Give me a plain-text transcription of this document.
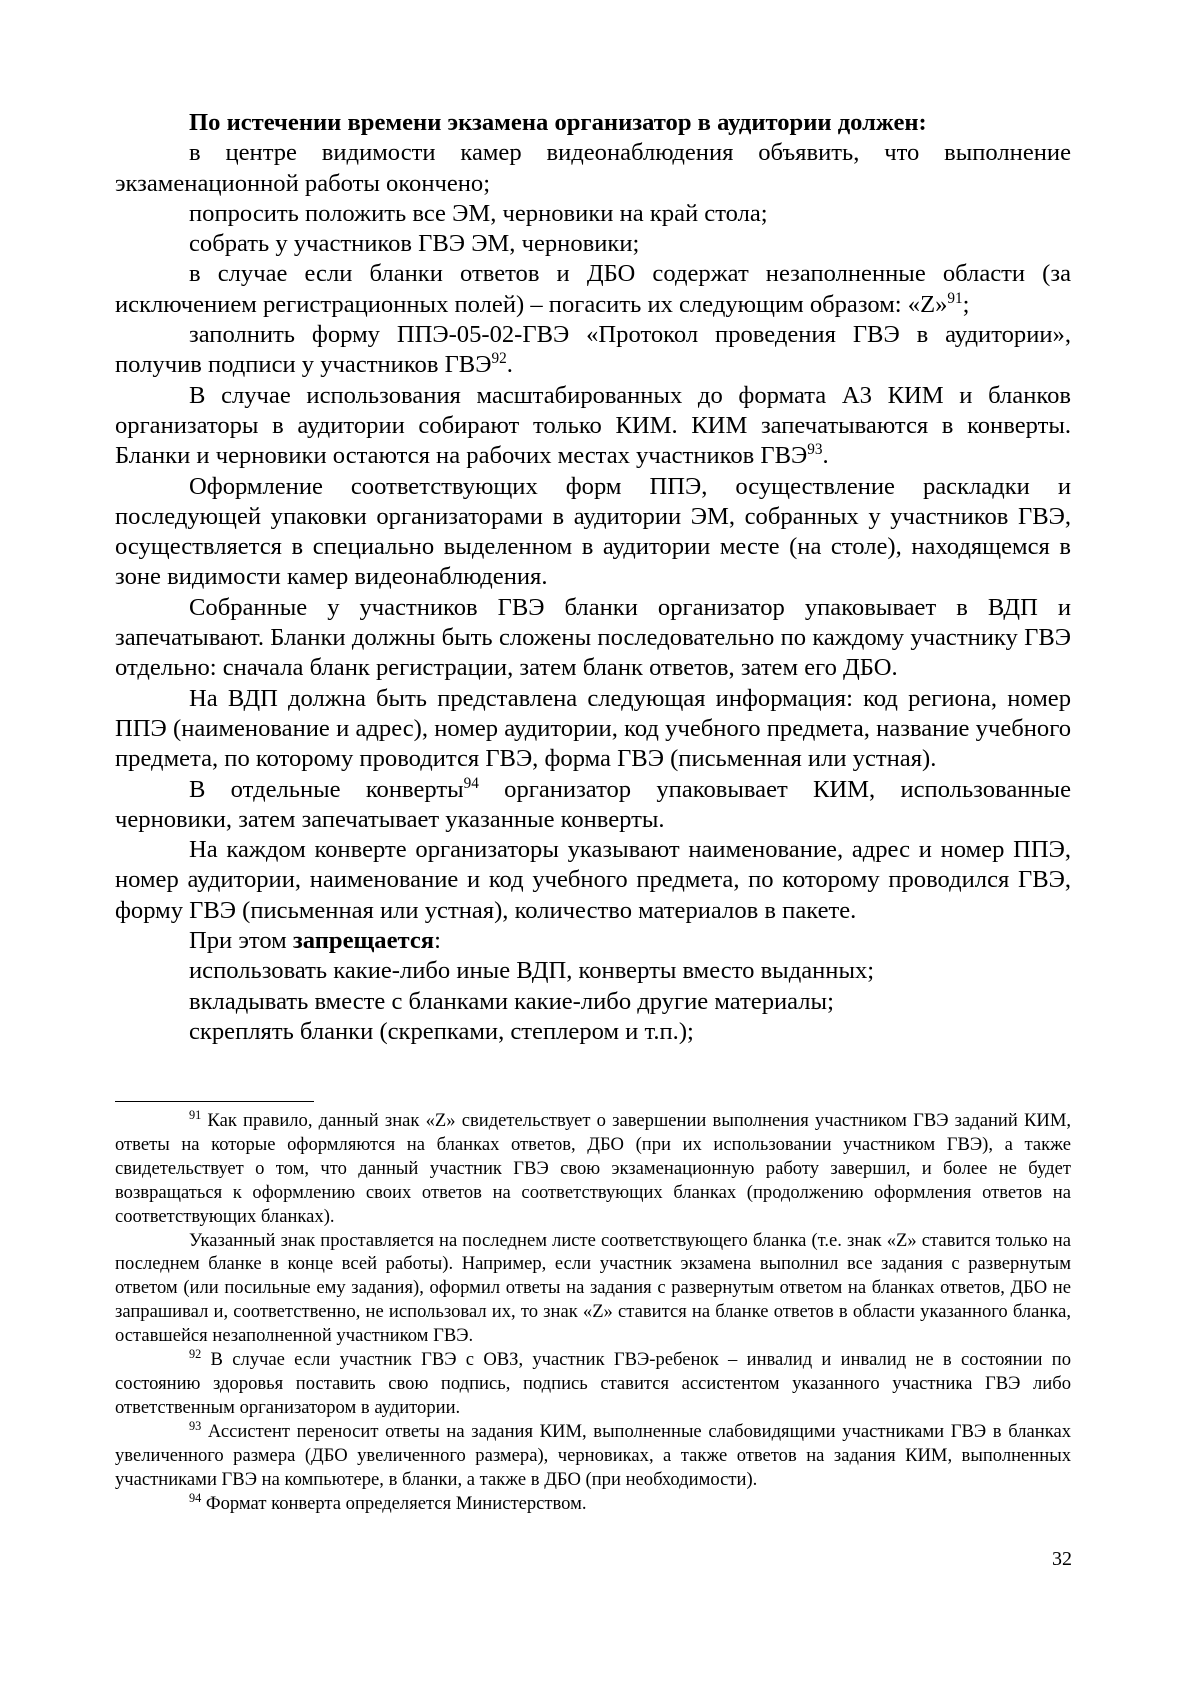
По истечении времени экзамена организатор в аудитории должен:

в центре видимости камер видеонаблюдения объявить, что выполнение экзаменационной работы окончено;

попросить положить все ЭМ, черновики на край стола;

собрать у участников ГВЭ ЭМ, черновики;

в случае если бланки ответов и ДБО содержат незаполненные области (за исключением регистрационных полей) – погасить их следующим образом: «Z»$^{91}$;

заполнить форму ППЭ-05-02-ГВЭ «Протокол проведения ГВЭ в аудитории», получив подписи у участников ГВЭ$^{92}$.

В случае использования масштабированных до формата А3 КИМ и бланков организаторы в аудитории собирают только КИМ. КИМ запечатываются в конверты. Бланки и черновики остаются на рабочих местах участников ГВЭ$^{93}$.

Оформление соответствующих форм ППЭ, осуществление раскладки и последующей упаковки организаторами в аудитории ЭМ, собранных у участников ГВЭ, осуществляется в специально выделенном в аудитории месте (на столе), находящемся в зоне видимости камер видеонаблюдения.

Собранные у участников ГВЭ бланки организатор упаковывает в ВДП и запечатывают. Бланки должны быть сложены последовательно по каждому участнику ГВЭ отдельно: сначала бланк регистрации, затем бланк ответов, затем его ДБО.

На ВДП должна быть представлена следующая информация: код региона, номер ППЭ (наименование и адрес), номер аудитории, код учебного предмета, название учебного предмета, по которому проводится ГВЭ, форма ГВЭ (письменная или устная).

В отдельные конверты$^{94}$ организатор упаковывает КИМ, использованные черновики, затем запечатывает указанные конверты.

На каждом конверте организаторы указывают наименование, адрес и номер ППЭ, номер аудитории, наименование и код учебного предмета, по которому проводился ГВЭ, форму ГВЭ (письменная или устная), количество материалов в пакете.

При этом запрещается:

использовать какие-либо иные ВДП, конверты вместо выданных;

вкладывать вместе с бланками какие-либо другие материалы;

скреплять бланки (скрепками, степлером и т.п.);

$^{91}$ Как правило, данный знак «Z» свидетельствует о завершении выполнения участником ГВЭ заданий КИМ, ответы на которые оформляются на бланках ответов, ДБО (при их использовании участником ГВЭ), а также свидетельствует о том, что данный участник ГВЭ свою экзаменационную работу завершил, и более не будет возвращаться к оформлению своих ответов на соответствующих бланках (продолжению оформления ответов на соответствующих бланках).

Указанный знак проставляется на последнем листе соответствующего бланка (т.е. знак «Z» ставится только на последнем бланке в конце всей работы). Например, если участник экзамена выполнил все задания с развернутым ответом (или посильные ему задания), оформил ответы на задания с развернутым ответом на бланках ответов, ДБО не запрашивал и, соответственно, не использовал их, то знак «Z» ставится на бланке ответов в области указанного бланка, оставшейся незаполненной участником ГВЭ.

$^{92}$ В случае если участник ГВЭ с ОВЗ, участник ГВЭ-ребенок – инвалид и инвалид не в состоянии по состоянию здоровья поставить свою подпись, подпись ставится ассистентом указанного участника ГВЭ либо ответственным организатором в аудитории.

$^{93}$ Ассистент переносит ответы на задания КИМ, выполненные слабовидящими участниками ГВЭ в бланках увеличенного размера (ДБО увеличенного размера), черновиках, а также ответов на задания КИМ, выполненных участниками ГВЭ на компьютере, в бланки, а также в ДБО (при необходимости).

$^{94}$ Формат конверта определяется Министерством.

32
